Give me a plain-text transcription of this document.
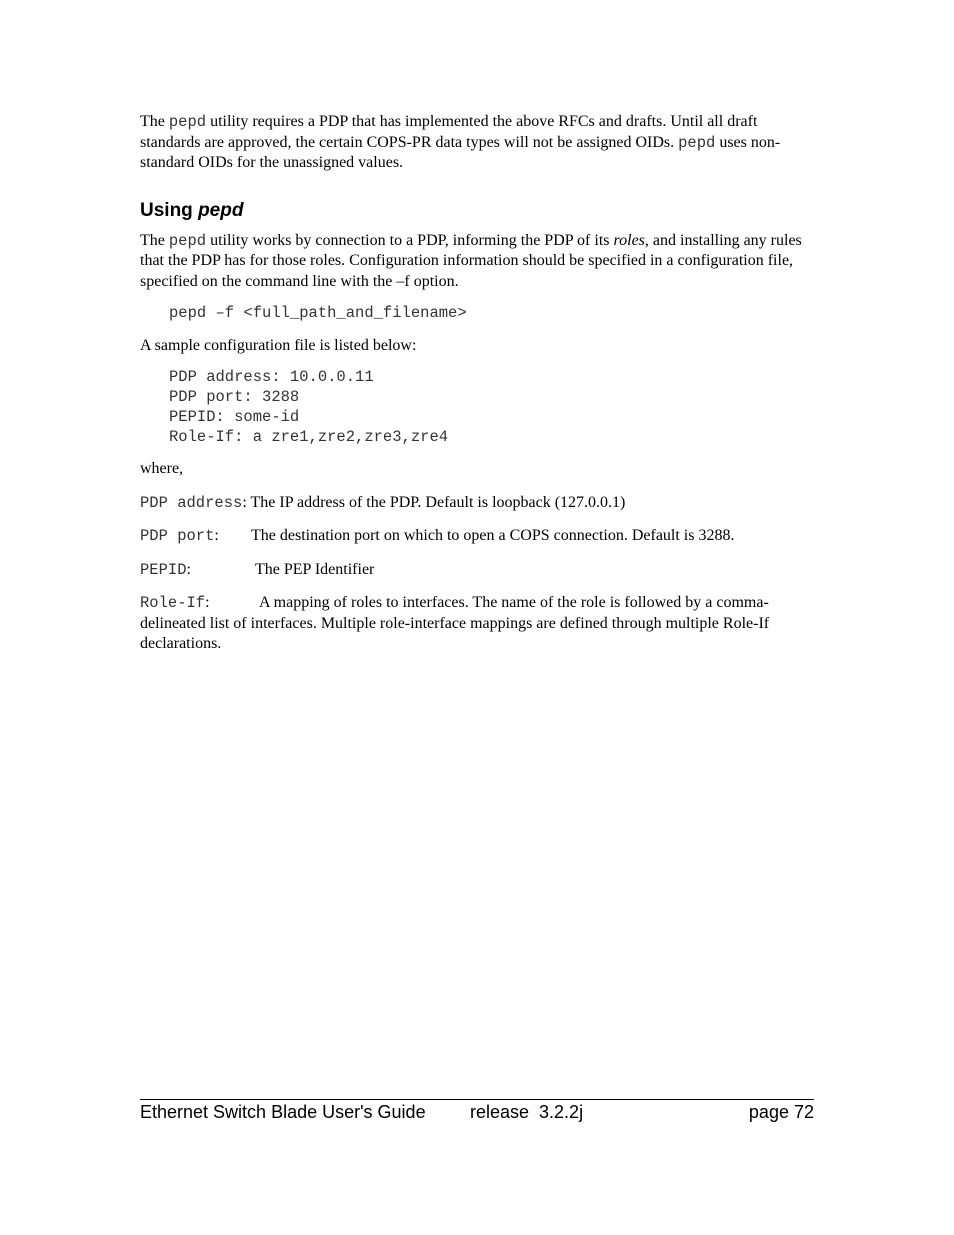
The pepd utility requires a PDP that has implemented the above RFCs and drafts. Until all draft standards are approved, the certain COPS-PR data types will not be assigned OIDs. pepd uses non-standard OIDs for the unassigned values.

Using pepd

The pepd utility works by connection to a PDP, informing the PDP of its roles, and installing any rules that the PDP has for those roles. Configuration information should be specified in a configuration file, specified on the command line with the –f option.

pepd –f <full_path_and_filename>

A sample configuration file is listed below:

PDP address: 10.0.0.11
PDP port: 3288
PEPID: some-id
Role-If: a zre1,zre2,zre3,zre4

where,

PDP address: The IP address of the PDP. Default is loopback (127.0.0.1)

PDP port: The destination port on which to open a COPS connection. Default is 3288.

PEPID:	The PEP Identifier

Role-If:	A mapping of roles to interfaces. The name of the role is followed by a comma-delineated list of interfaces. Multiple role-interface mappings are defined through multiple Role-If declarations.

Ethernet Switch Blade User's Guide release  3.2.2j	page 72
